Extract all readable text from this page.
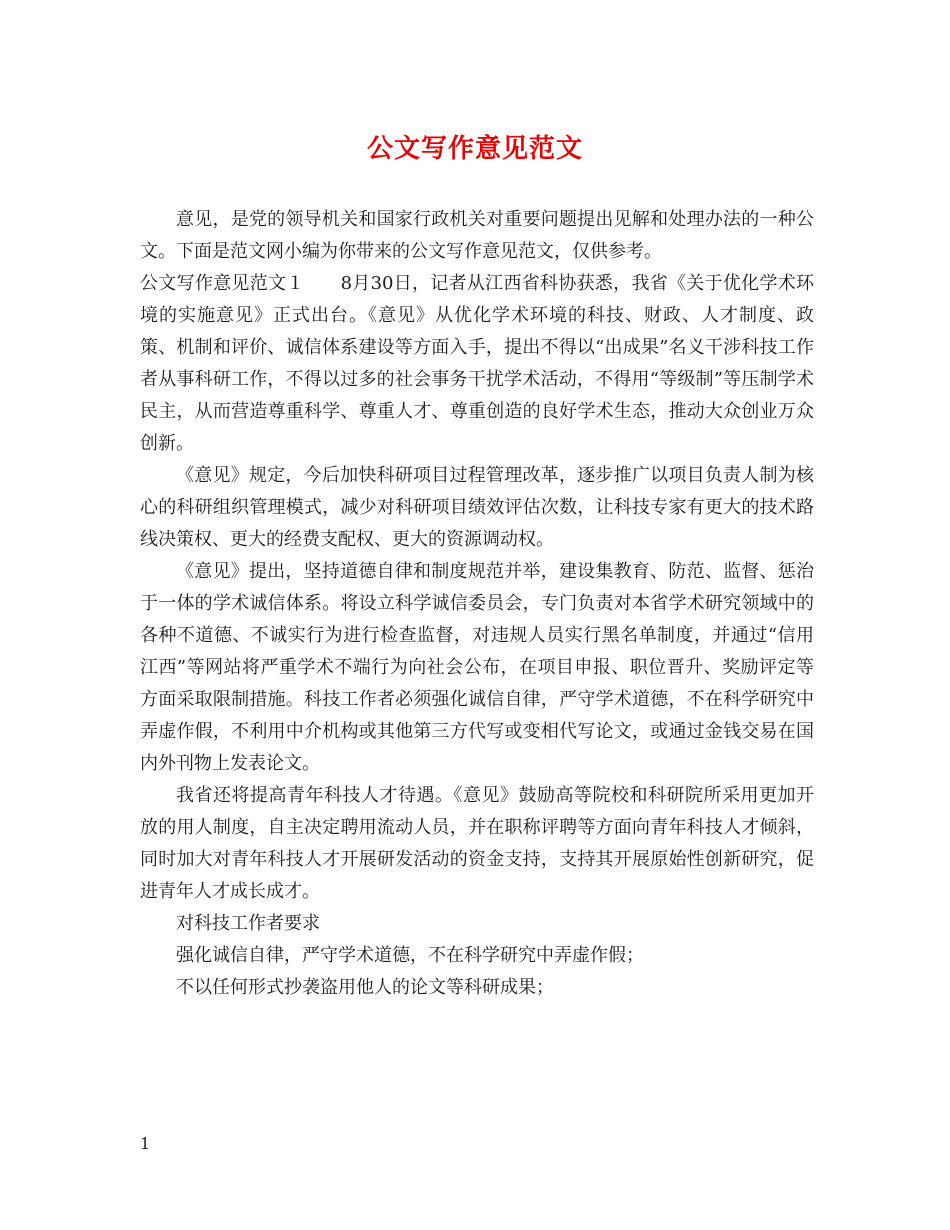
公文写作意见范文

意见，是党的领导机关和国家行政机关对重要问题提出见解和处理办法的一种公文。下面是范文网小编为你带来的公文写作意见范文，仅供参考。

公文写作意见范文１ 8月30日，记者从江西省科协获悉，我省《关于优化学术环境的实施意见》正式出台。《意见》从优化学术环境的科技、财政、人才制度、政策、机制和评价、诚信体系建设等方面入手，提出不得以“出成果”名义干涉科技工作者从事科研工作，不得以过多的社会事务干扰学术活动，不得用“等级制”等压制学术民主，从而营造尊重科学、尊重人才、尊重创造的良好学术生态，推动大众创业万众创新。

《意见》规定，今后加快科研项目过程管理改革，逐步推广以项目负责人制为核心的科研组织管理模式，减少对科研项目绩效评估次数，让科技专家有更大的技术路线决策权、更大的经费支配权、更大的资源调动权。

《意见》提出，坚持道德自律和制度规范并举，建设集教育、防范、监督、惩治于一体的学术诚信体系。将设立科学诚信委员会，专门负责对本省学术研究领域中的各种不道德、不诚实行为进行检查监督，对违规人员实行黑名单制度，并通过“信用江西”等网站将严重学术不端行为向社会公布，在项目申报、职位晋升、奖励评定等方面采取限制措施。科技工作者必须强化诚信自律，严守学术道德，不在科学研究中弄虚作假，不利用中介机构或其他第三方代写或变相代写论文，或通过金钱交易在国内外刊物上发表论文。

我省还将提高青年科技人才待遇。《意见》鼓励高等院校和科研院所采用更加开放的用人制度，自主决定聘用流动人员，并在职称评聘等方面向青年科技人才倾斜，同时加大对青年科技人才开展研发活动的资金支持，支持其开展原始性创新研究，促进青年人才成长成才。

对科技工作者要求

强化诚信自律，严守学术道德，不在科学研究中弄虚作假；

不以任何形式抄袭盗用他人的论文等科研成果；

1
